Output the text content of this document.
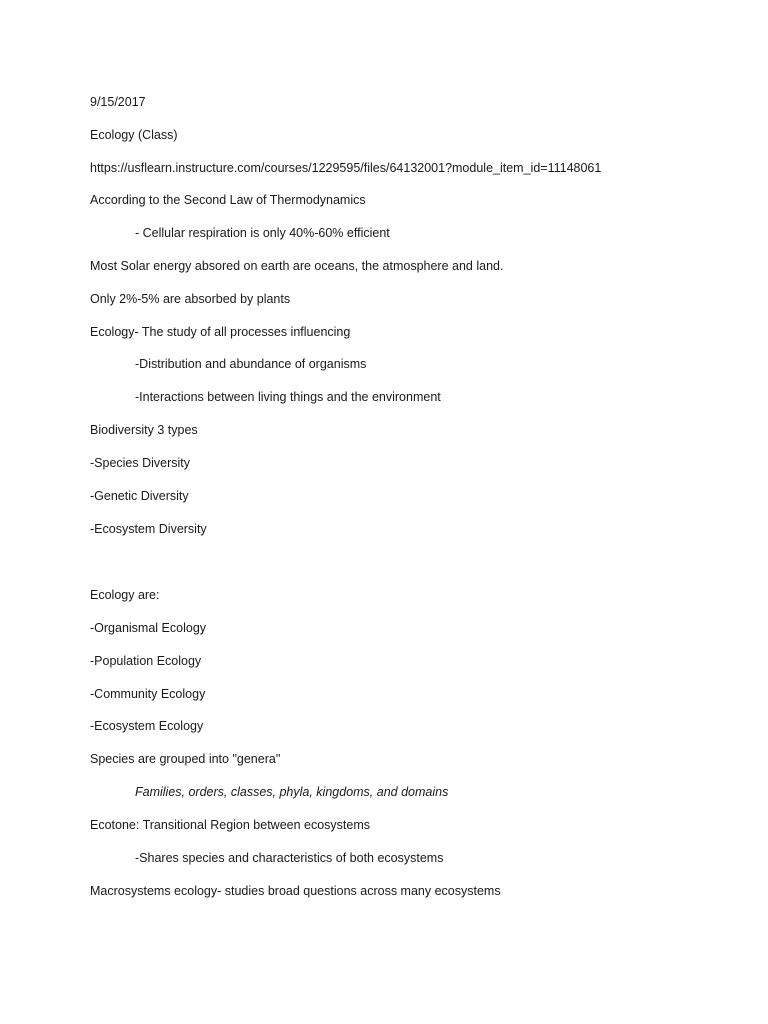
9/15/2017
Ecology (Class)
https://usflearn.instructure.com/courses/1229595/files/64132001?module_item_id=11148061
According to the Second Law of Thermodynamics
- Cellular respiration is only 40%-60% efficient
Most Solar energy absored on earth are oceans, the atmosphere and land.
Only 2%-5% are absorbed by plants
Ecology- The study of all processes influencing
-Distribution and abundance of organisms
-Interactions between living things and the environment
Biodiversity 3 types
-Species Diversity
-Genetic Diversity
-Ecosystem Diversity
Ecology are:
-Organismal Ecology
-Population Ecology
-Community Ecology
-Ecosystem Ecology
Species are grouped into "genera"
Families, orders, classes, phyla, kingdoms, and domains
Ecotone: Transitional Region between ecosystems
-Shares species and characteristics of both ecosystems
Macrosystems ecology- studies broad questions across many ecosystems
